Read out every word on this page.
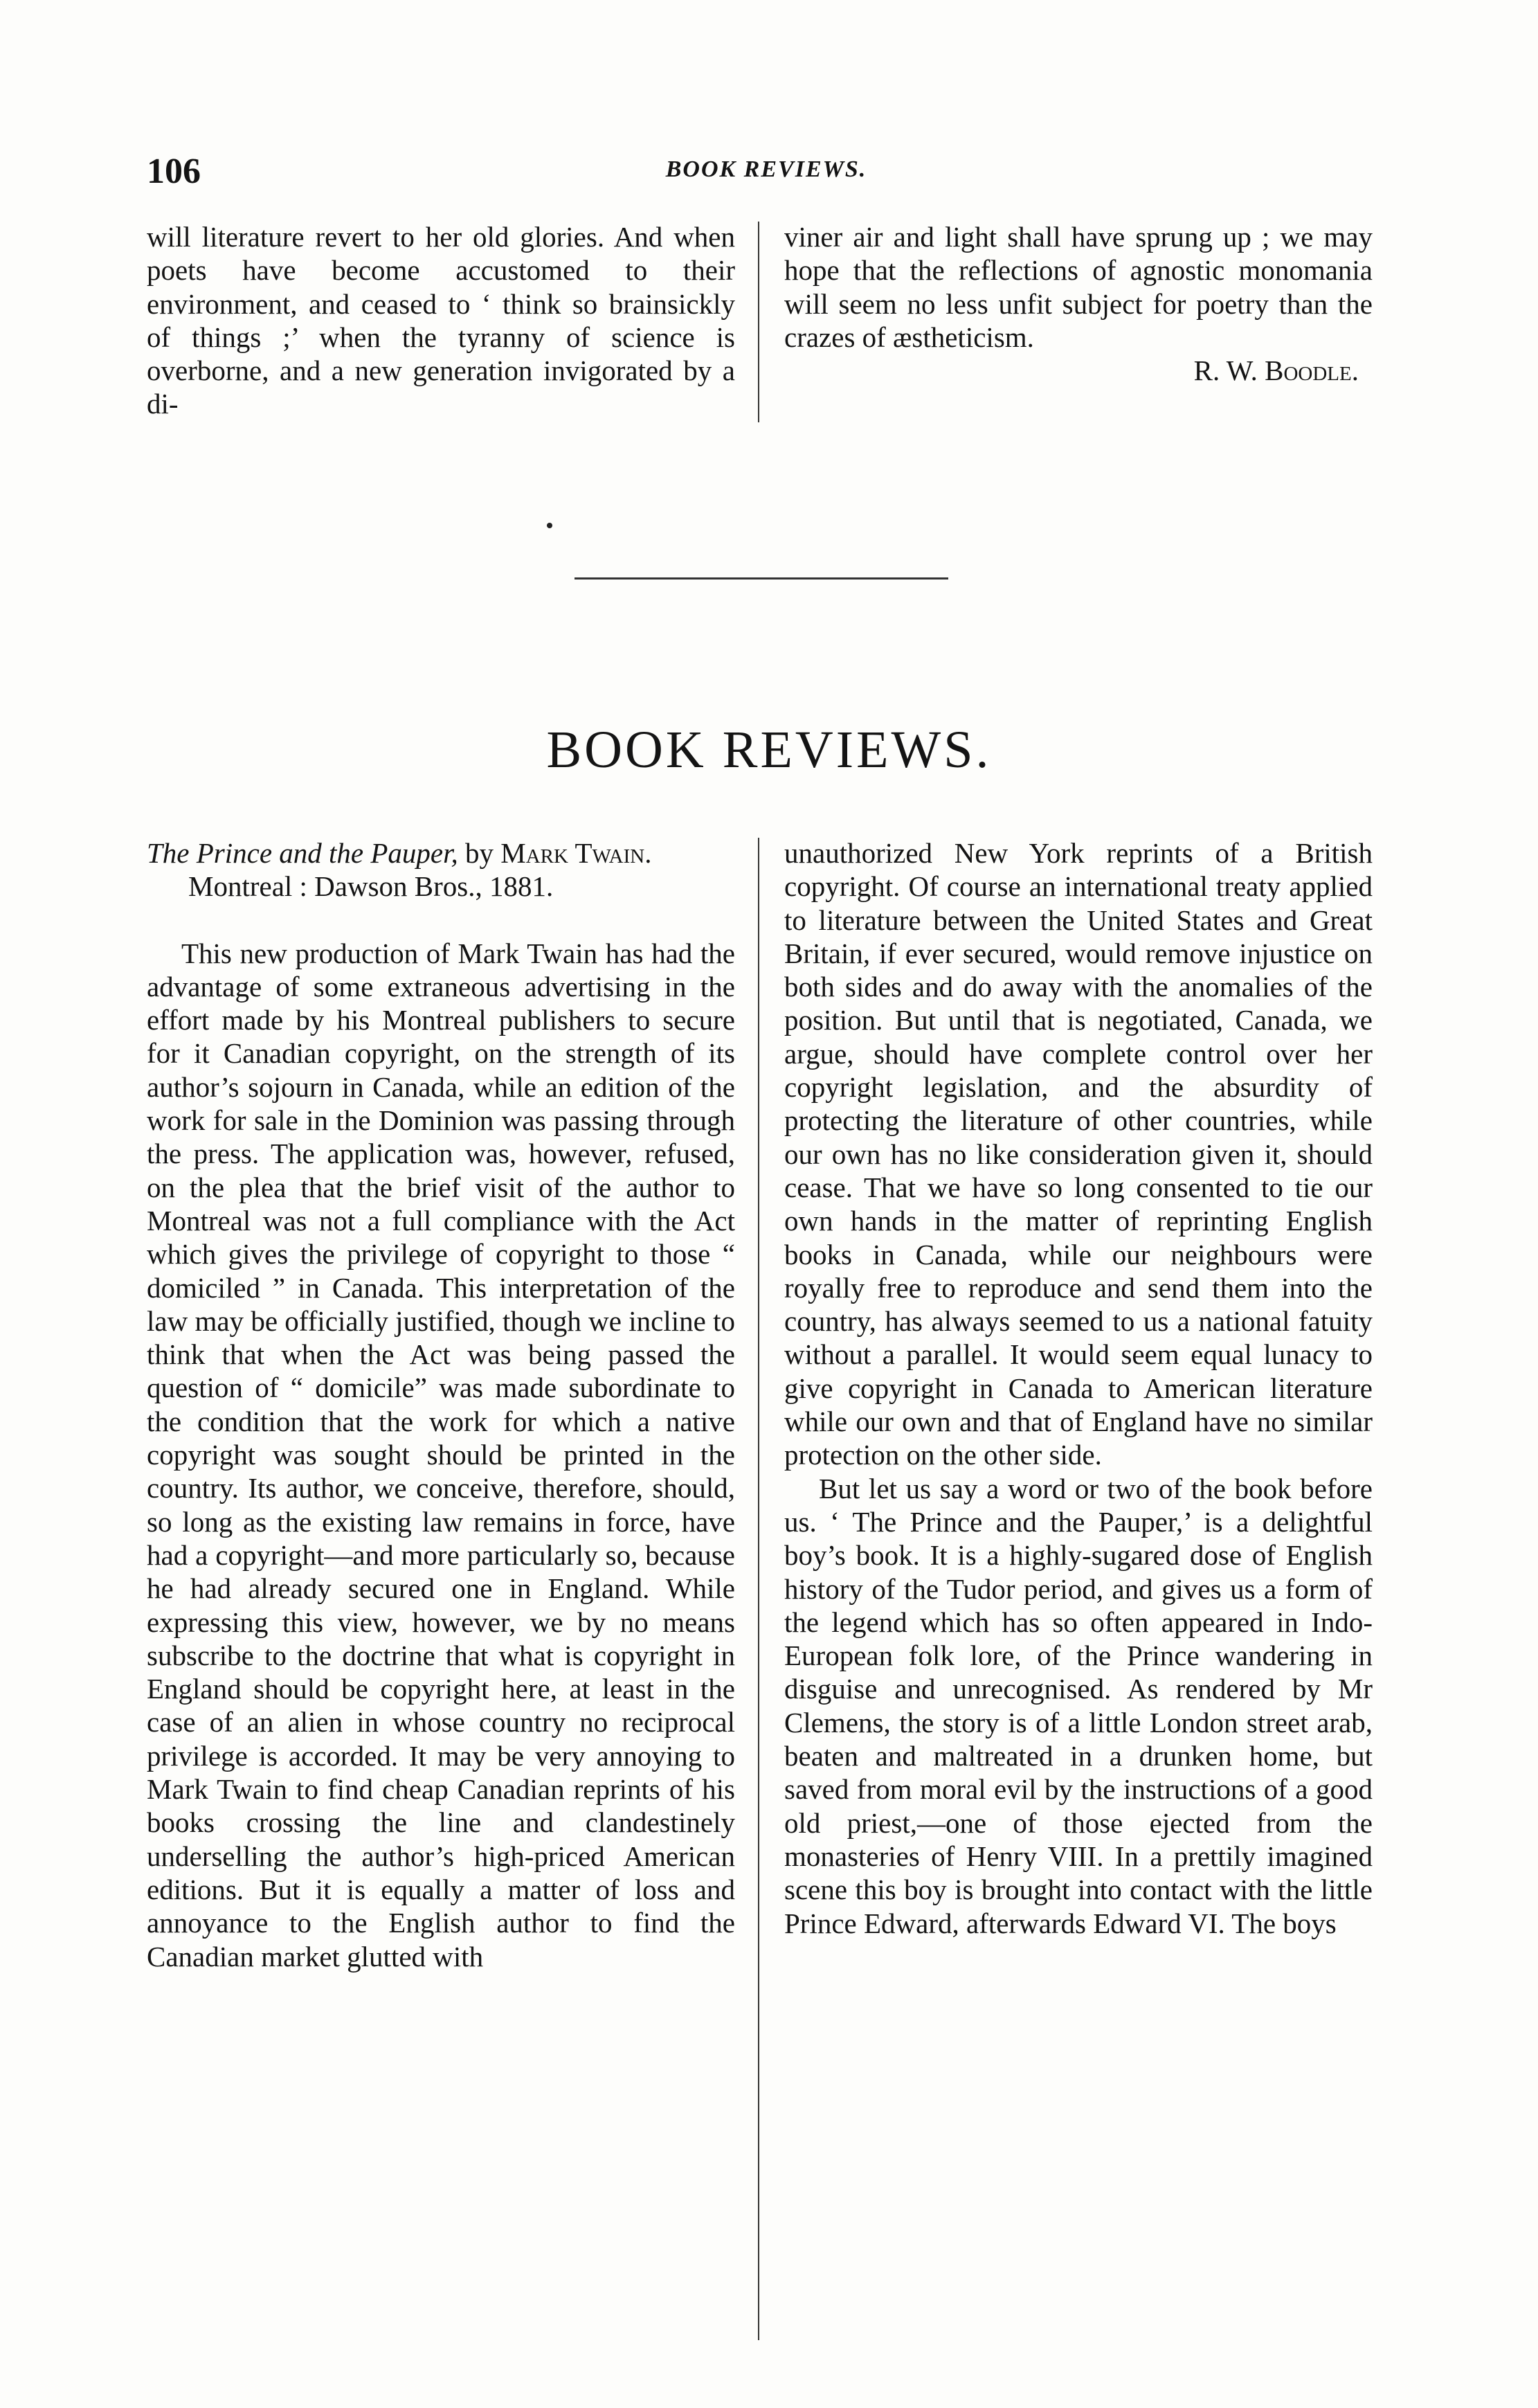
106	BOOK REVIEWS.

will literature revert to her old glories. And when poets have become accustomed to their environment, and ceased to ‘ think so brainsickly of things ;’ when the tyranny of science is overborne, and a new generation invigorated by a di-

viner air and light shall have sprung up ; we may hope that the reflections of agnostic monomania will seem no less unfit subject for poetry than the crazes of æstheticism.

R. W. Boodle.

BOOK REVIEWS.

The Prince and the Pauper, by Mark Twain. Montreal : Dawson Bros., 1881.

This new production of Mark Twain has had the advantage of some extraneous advertising in the effort made by his Montreal publishers to secure for it Canadian copyright, on the strength of its author’s sojourn in Canada, while an edition of the work for sale in the Dominion was passing through the press. The application was, however, refused, on the plea that the brief visit of the author to Montreal was not a full compliance with the Act which gives the privilege of copyright to those “ domiciled ” in Canada. This interpretation of the law may be officially justified, though we incline to think that when the Act was being passed the question of “ domicile” was made subordinate to the condition that the work for which a native copyright was sought should be printed in the country. Its author, we conceive, therefore, should, so long as the existing law remains in force, have had a copyright—and more particularly so, because he had already secured one in England. While expressing this view, however, we by no means subscribe to the doctrine that what is copyright in England should be copyright here, at least in the case of an alien in whose country no reciprocal privilege is accorded. It may be very annoying to Mark Twain to find cheap Canadian reprints of his books crossing the line and clandestinely underselling the author’s high-priced American editions. But it is equally a matter of loss and annoyance to the English author to find the Canadian market glutted with

unauthorized New York reprints of a British copyright. Of course an international treaty applied to literature between the United States and Great Britain, if ever secured, would remove injustice on both sides and do away with the anomalies of the position. But until that is negotiated, Canada, we argue, should have complete control over her copyright legislation, and the absurdity of protecting the literature of other countries, while our own has no like consideration given it, should cease. That we have so long consented to tie our own hands in the matter of reprinting English books in Canada, while our neighbours were royally free to reproduce and send them into the country, has always seemed to us a national fatuity without a parallel. It would seem equal lunacy to give copyright in Canada to American literature while our own and that of England have no similar protection on the other side.

But let us say a word or two of the book before us. ‘ The Prince and the Pauper,’ is a delightful boy’s book. It is a highly-sugared dose of English history of the Tudor period, and gives us a form of the legend which has so often appeared in Indo-European folk lore, of the Prince wandering in disguise and unrecognised. As rendered by Mr Clemens, the story is of a little London street arab, beaten and maltreated in a drunken home, but saved from moral evil by the instructions of a good old priest,—one of those ejected from the monasteries of Henry VIII. In a prettily imagined scene this boy is brought into contact with the little Prince Edward, afterwards Edward VI. The boys
